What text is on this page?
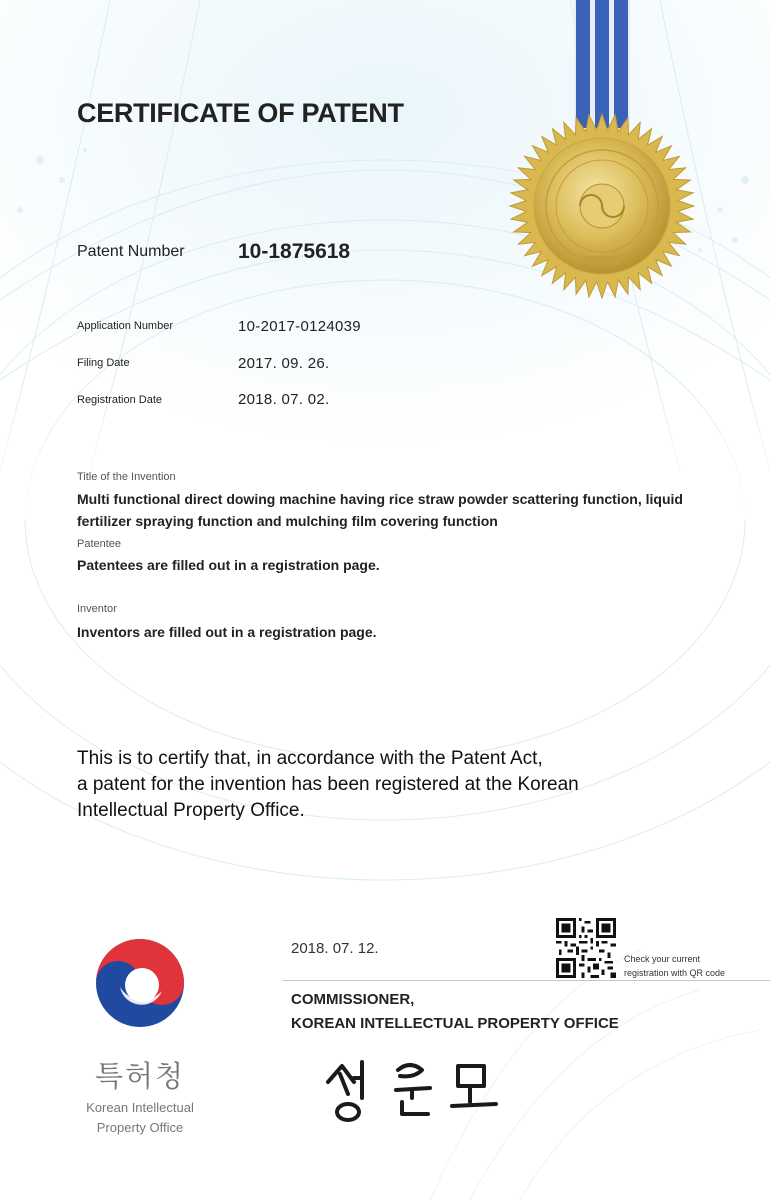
CERTIFICATE OF PATENT
Patent Number	10-1875618
Application Number	10-2017-0124039
Filing Date	2017. 09. 26.
Registration Date	2018. 07. 02.
Title of the Invention
Multi functional direct dowing machine having rice straw powder scattering function, liquid
fertilizer spraying function and mulching film covering function
Patentee
Patentees are filled out in a registration page.
Inventor
Inventors are filled out in a registration page.
This is to certify that, in accordance with the Patent Act,
a patent for the invention has been registered at the Korean
Intellectual Property Office.
특허청
Korean Intellectual
Property Office
2018. 07. 12.
Check your current
registration with QR code
COMMISSIONER,
KOREAN INTELLECTUAL PROPERTY OFFICE
